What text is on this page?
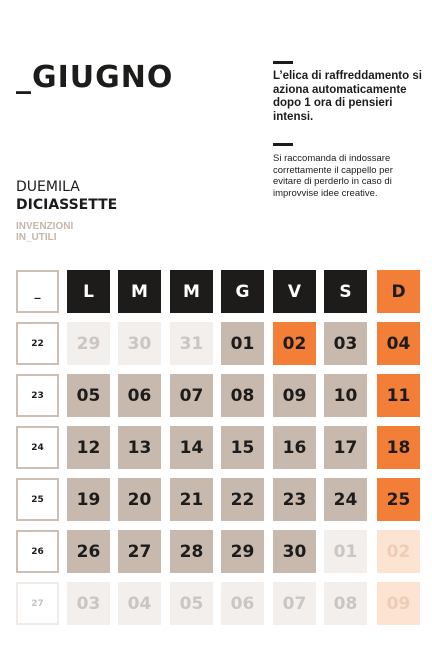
_GIUGNO	L’elica di raffreddamento si aziona automaticamente dopo 1 ora di pensieri intensi.
Si raccomanda di indossare correttamente il cappello per evitare di perderlo in caso di improvvise idee creative.
DUEMILA
DICIASSETTE
INVENZIONI
IN_UTILI
_	L	M	M	G	V	S	D
22	29	30	31	01	02	03	04
23	05	06	07	08	09	10	11
24	12	13	14	15	16	17	18
25	19	20	21	22	23	24	25
26	26	27	28	29	30	01	02
27	03	04	05	06	07	08	09
